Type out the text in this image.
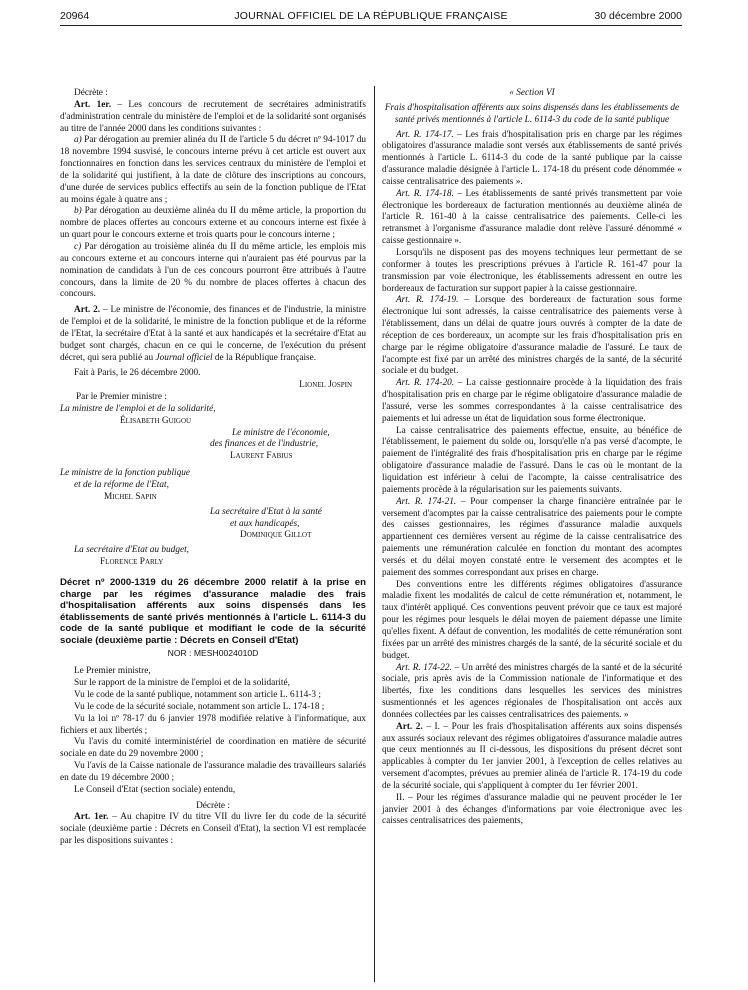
20964	JOURNAL OFFICIEL DE LA RÉPUBLIQUE FRANÇAISE	30 décembre 2000

Décrète :

Art. 1er. – Les concours de recrutement de secrétaires administratifs d'administration centrale du ministère de l'emploi et de la solidarité sont organisés au titre de l'année 2000 dans les conditions suivantes :

a) Par dérogation au premier alinéa du II de l'article 5 du décret nº 94-1017 du 18 novembre 1994 susvisé, le concours interne prévu à cet article est ouvert aux fonctionnaires en fonction dans les services centraux du ministère de l'emploi et de la solidarité qui justifient, à la date de clôture des inscriptions au concours, d'une durée de services publics effectifs au sein de la fonction publique de l'Etat au moins égale à quatre ans ;

b) Par dérogation au deuxième alinéa du II du même article, la proportion du nombre de places offertes au concours externe et au concours interne est fixée à un quart pour le concours externe et trois quarts pour le concours interne ;

c) Par dérogation au troisième alinéa du II du même article, les emplois mis au concours externe et au concours interne qui n'auraient pas été pourvus par la nomination de candidats à l'un de ces concours pourront être attribués à l'autre concours, dans la limite de 20 % du nombre de places offertes à chacun des concours.

Art. 2. – Le ministre de l'économie, des finances et de l'industrie, la ministre de l'emploi et de la solidarité, le ministre de la fonction publique et de la réforme de l'Etat, la secrétaire d'Etat à la santé et aux handicapés et la secrétaire d'Etat au budget sont chargés, chacun en ce qui le concerne, de l'exécution du présent décret, qui sera publié au Journal officiel de la République française.

Fait à Paris, le 26 décembre 2000.

Lionel Jospin

Par le Premier ministre :

La ministre de l'emploi et de la solidarité,

Élisabeth Guigou

Le ministre de l'économie,

des finances et de l'industrie,

Laurent Fabius

Le ministre de la fonction publique

et de la réforme de l'Etat,

Michel Sapin

La secrétaire d'Etat à la santé

et aux handicapés,

Dominique Gillot

La secrétaire d'Etat au budget,

Florence Parly

Décret nº 2000-1319 du 26 décembre 2000 relatif à la prise en charge par les régimes d'assurance maladie des frais d'hospitalisation afférents aux soins dispensés dans les établissements de santé privés mentionnés à l'article L. 6114-3 du code de la santé publique et modifiant le code de la sécurité sociale (deuxième partie : Décrets en Conseil d'Etat)

NOR : MESH0024010D

Le Premier ministre,

Sur le rapport de la ministre de l'emploi et de la solidarité,

Vu le code de la santé publique, notamment son article L. 6114-3 ;

Vu le code de la sécurité sociale, notamment son article L. 174-18 ;

Vu la loi nº 78-17 du 6 janvier 1978 modifiée relative à l'informatique, aux fichiers et aux libertés ;

Vu l'avis du comité interministériel de coordination en matière de sécurité sociale en date du 29 novembre 2000 ;

Vu l'avis de la Caisse nationale de l'assurance maladie des travailleurs salariés en date du 19 décembre 2000 ;

Le Conseil d'Etat (section sociale) entendu,

Décrète :

Art. 1er. – Au chapitre IV du titre VII du livre Ier du code de la sécurité sociale (deuxième partie : Décrets en Conseil d'Etat), la section VI est remplacée par les dispositions suivantes :

« Section VI

Frais d'hospitalisation afférents aux soins dispensés dans les établissements de santé privés mentionnés à l'article L. 6114-3 du code de la santé publique

Art. R. 174-17. – Les frais d'hospitalisation pris en charge par les régimes obligatoires d'assurance maladie sont versés aux établissements de santé privés mentionnés à l'article L. 6114-3 du code de la santé publique par la caisse d'assurance maladie désignée à l'article L. 174-18 du présent code dénommée « caisse centralisatrice des paiements ».

Art. R. 174-18. – Les établissements de santé privés transmettent par voie électronique les bordereaux de facturation mentionnés au deuxième alinéa de l'article R. 161-40 à la caisse centralisatrice des paiements. Celle-ci les retransmet à l'organisme d'assurance maladie dont relève l'assuré dénommé « caisse gestionnaire ».

Lorsqu'ils ne disposent pas des moyens techniques leur permettant de se conformer à toutes les prescriptions prévues à l'article R. 161-47 pour la transmission par voie électronique, les établissements adressent en outre les bordereaux de facturation sur support papier à la caisse gestionnaire.

Art. R. 174-19. – Lorsque des bordereaux de facturation sous forme électronique lui sont adressés, la caisse centralisatrice des paiements verse à l'établissement, dans un délai de quatre jours ouvrés à compter de la date de réception de ces bordereaux, un acompte sur les frais d'hospitalisation pris en charge par le régime obligatoire d'assurance maladie de l'assuré. Le taux de l'acompte est fixé par un arrêté des ministres chargés de la santé, de la sécurité sociale et du budget.

Art. R. 174-20. – La caisse gestionnaire procède à la liquidation des frais d'hospitalisation pris en charge par le régime obligatoire d'assurance maladie de l'assuré, verse les sommes correspondantes à la caisse centralisatrice des paiements et lui adresse un état de liquidation sous forme électronique.

La caisse centralisatrice des paiements effectue, ensuite, au bénéfice de l'établissement, le paiement du solde ou, lorsqu'elle n'a pas versé d'acompte, le paiement de l'intégralité des frais d'hospitalisation pris en charge par le régime obligatoire d'assurance maladie de l'assuré. Dans le cas où le montant de la liquidation est inférieur à celui de l'acompte, la caisse centralisatrice des paiements procède à la régularisation sur les paiements suivants.

Art. R. 174-21. – Pour compenser la charge financière entraînée par le versement d'acomptes par la caisse centralisatrice des paiements pour le compte des caisses gestionnaires, les régimes d'assurance maladie auxquels appartiennent ces dernières versent au régime de la caisse centralisatrice des paiements une rémunération calculée en fonction du montant des acomptes versés et du délai moyen constaté entre le versement des acomptes et le paiement des sommes correspondant aux prises en charge.

Des conventions entre les différents régimes obligatoires d'assurance maladie fixent les modalités de calcul de cette rémunération et, notamment, le taux d'intérêt appliqué. Ces conventions peuvent prévoir que ce taux est majoré pour les régimes pour lesquels le délai moyen de paiement dépasse une limite qu'elles fixent. A défaut de convention, les modalités de cette rémunération sont fixées par un arrêté des ministres chargés de la santé, de la sécurité sociale et du budget.

Art. R. 174-22. – Un arrêté des ministres chargés de la santé et de la sécurité sociale, pris après avis de la Commission nationale de l'informatique et des libertés, fixe les conditions dans lesquelles les services des ministres susmentionnés et les agences régionales de l'hospitalisation ont accès aux données collectées par les caisses centralisatrices des paiements. »

Art. 2. – I. – Pour les frais d'hospitalisation afférents aux soins dispensés aux assurés sociaux relevant des régimes obligatoires d'assurance maladie autres que ceux mentionnés au II ci-dessous, les dispositions du présent décret sont applicables à compter du 1er janvier 2001, à l'exception de celles relatives au versement d'acomptes, prévues au premier alinéa de l'article R. 174-19 du code de la sécurité sociale, qui s'appliquent à compter du 1er février 2001.

II. – Pour les régimes d'assurance maladie qui ne peuvent procéder le 1er janvier 2001 à des échanges d'informations par voie électronique avec les caisses centralisatrices des paiements,
